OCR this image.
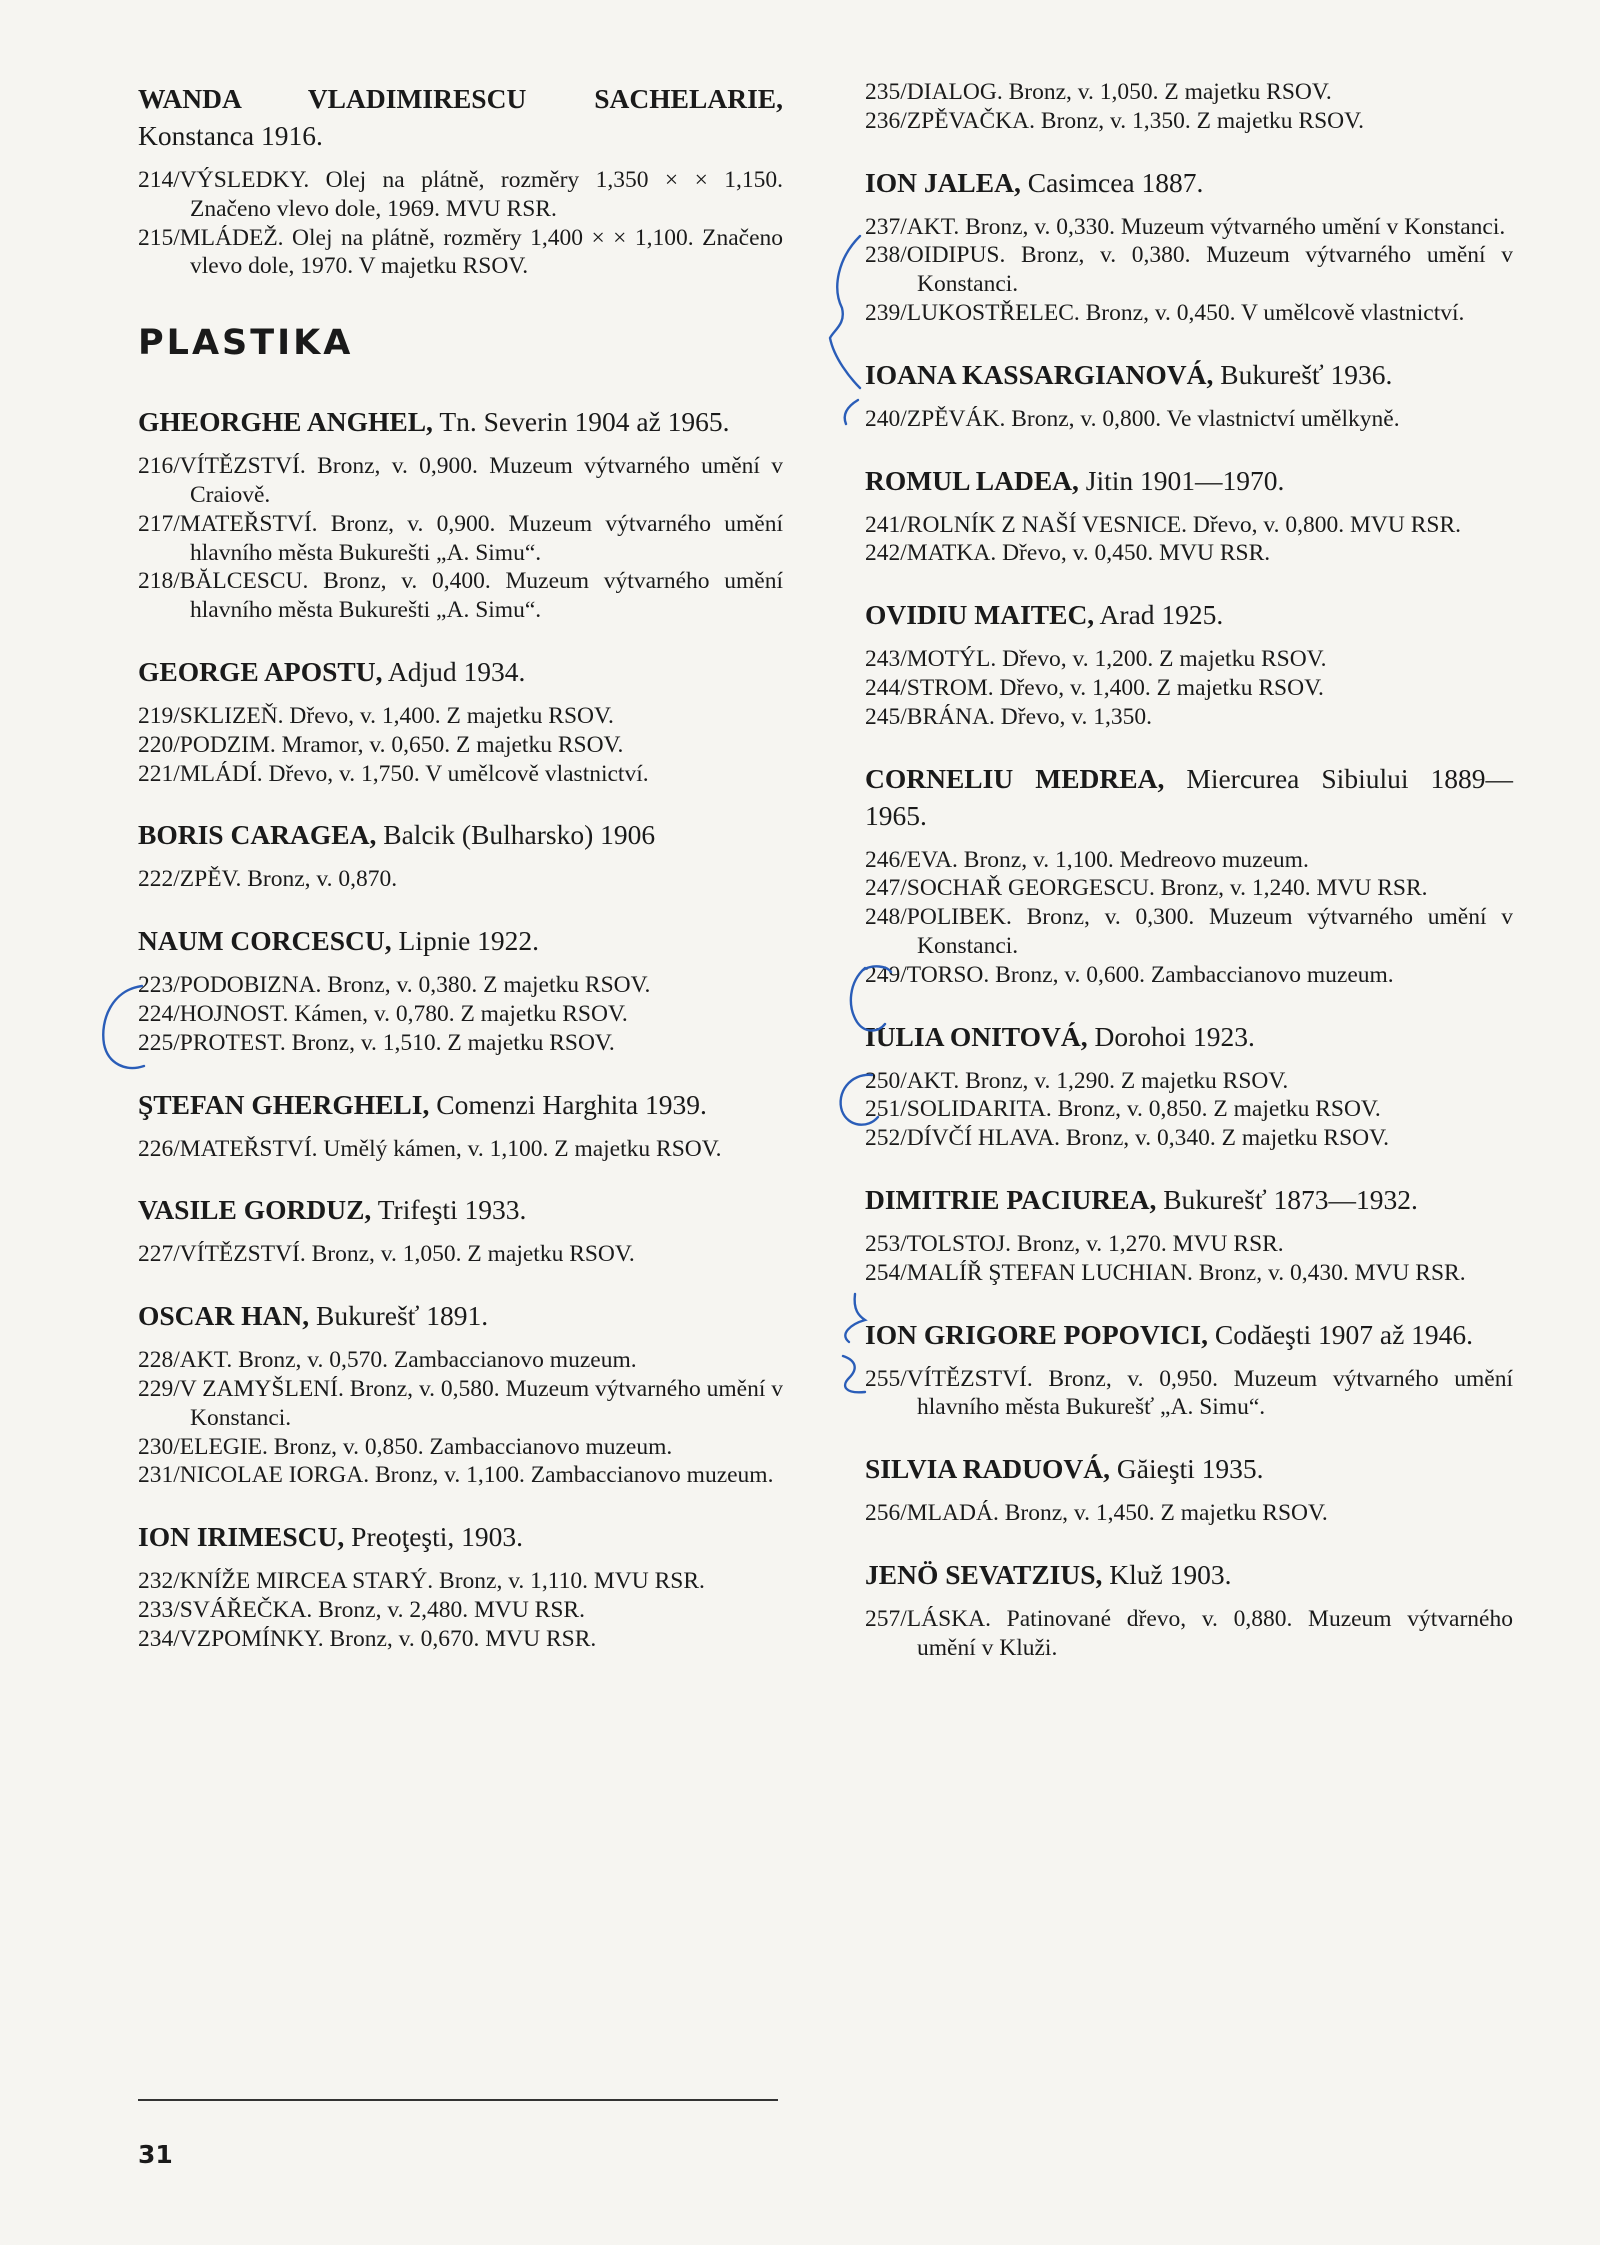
WANDA VLADIMIRESCU SACHELARIE, Konstanca 1916.
214/VÝSLEDKY. Olej na plátně, rozměry 1,350 × × 1,150. Značeno vlevo dole, 1969. MVU RSR.
215/MLÁDEŽ. Olej na plátně, rozměry 1,400 × × 1,100. Značeno vlevo dole, 1970. V majetku RSOV.
PLASTIKA
GHEORGHE ANGHEL, Tn. Severin 1904 až 1965.
216/VÍTĚZSTVÍ. Bronz, v. 0,900. Muzeum výtvarného umění v Craiově.
217/MATEŘSTVÍ. Bronz, v. 0,900. Muzeum výtvarného umění hlavního města Bukurešti „A. Simu“.
218/BĂLCESCU. Bronz, v. 0,400. Muzeum výtvarného umění hlavního města Bukurešti „A. Simu“.
GEORGE APOSTU, Adjud 1934.
219/SKLIZEŇ. Dřevo, v. 1,400. Z majetku RSOV.
220/PODZIM. Mramor, v. 0,650. Z majetku RSOV.
221/MLÁDÍ. Dřevo, v. 1,750. V umělcově vlastnictví.
BORIS CARAGEA, Balcik (Bulharsko) 1906
222/ZPĚV. Bronz, v. 0,870.
NAUM CORCESCU, Lipnie 1922.
223/PODOBIZNA. Bronz, v. 0,380. Z majetku RSOV.
224/HOJNOST. Kámen, v. 0,780. Z majetku RSOV.
225/PROTEST. Bronz, v. 1,510. Z majetku RSOV.
ŞTEFAN GHERGHELI, Comenzi Harghita 1939.
226/MATEŘSTVÍ. Umělý kámen, v. 1,100. Z majetku RSOV.
VASILE GORDUZ, Trifeşti 1933.
227/VÍTĚZSTVÍ. Bronz, v. 1,050. Z majetku RSOV.
OSCAR HAN, Bukurešť 1891.
228/AKT. Bronz, v. 0,570. Zambaccianovo muzeum.
229/V ZAMYŠLENÍ. Bronz, v. 0,580. Muzeum výtvarného umění v Konstanci.
230/ELEGIE. Bronz, v. 0,850. Zambaccianovo muzeum.
231/NICOLAE IORGA. Bronz, v. 1,100. Zambaccianovo muzeum.
ION IRIMESCU, Preoţeşti, 1903.
232/KNÍŽE MIRCEA STARÝ. Bronz, v. 1,110. MVU RSR.
233/SVÁŘEČKA. Bronz, v. 2,480. MVU RSR.
234/VZPOMÍNKY. Bronz, v. 0,670. MVU RSR.
235/DIALOG. Bronz, v. 1,050. Z majetku RSOV.
236/ZPĚVAČKA. Bronz, v. 1,350. Z majetku RSOV.
ION JALEA, Casimcea 1887.
237/AKT. Bronz, v. 0,330. Muzeum výtvarného umění v Konstanci.
238/OIDIPUS. Bronz, v. 0,380. Muzeum výtvarného umění v Konstanci.
239/LUKOSTŘELEC. Bronz, v. 0,450. V umělcově vlastnictví.
IOANA KASSARGIANOVÁ, Bukurešť 1936.
240/ZPĚVÁK. Bronz, v. 0,800. Ve vlastnictví umělkyně.
ROMUL LADEA, Jitin 1901—1970.
241/ROLNÍK Z NAŠÍ VESNICE. Dřevo, v. 0,800. MVU RSR.
242/MATKA. Dřevo, v. 0,450. MVU RSR.
OVIDIU MAITEC, Arad 1925.
243/MOTÝL. Dřevo, v. 1,200. Z majetku RSOV.
244/STROM. Dřevo, v. 1,400. Z majetku RSOV.
245/BRÁNA. Dřevo, v. 1,350.
CORNELIU MEDREA, Miercurea Sibiului 1889—1965.
246/EVA. Bronz, v. 1,100. Medreovo muzeum.
247/SOCHAŘ GEORGESCU. Bronz, v. 1,240. MVU RSR.
248/POLIBEK. Bronz, v. 0,300. Muzeum výtvarného umění v Konstanci.
249/TORSO. Bronz, v. 0,600. Zambaccianovo muzeum.
IULIA ONITOVÁ, Dorohoi 1923.
250/AKT. Bronz, v. 1,290. Z majetku RSOV.
251/SOLIDARITA. Bronz, v. 0,850. Z majetku RSOV.
252/DÍVČÍ HLAVA. Bronz, v. 0,340. Z majetku RSOV.
DIMITRIE PACIUREA, Bukurešť 1873—1932.
253/TOLSTOJ. Bronz, v. 1,270. MVU RSR.
254/MALÍŘ ŞTEFAN LUCHIAN. Bronz, v. 0,430. MVU RSR.
ION GRIGORE POPOVICI, Codăeşti 1907 až 1946.
255/VÍTĚZSTVÍ. Bronz, v. 0,950. Muzeum výtvarného umění hlavního města Bukurešť „A. Simu“.
SILVIA RADUOVÁ, Găieşti 1935.
256/MLADÁ. Bronz, v. 1,450. Z majetku RSOV.
JENÖ SEVATZIUS, Kluž 1903.
257/LÁSKA. Patinované dřevo, v. 0,880. Muzeum výtvarného umění v Kluži.
31
